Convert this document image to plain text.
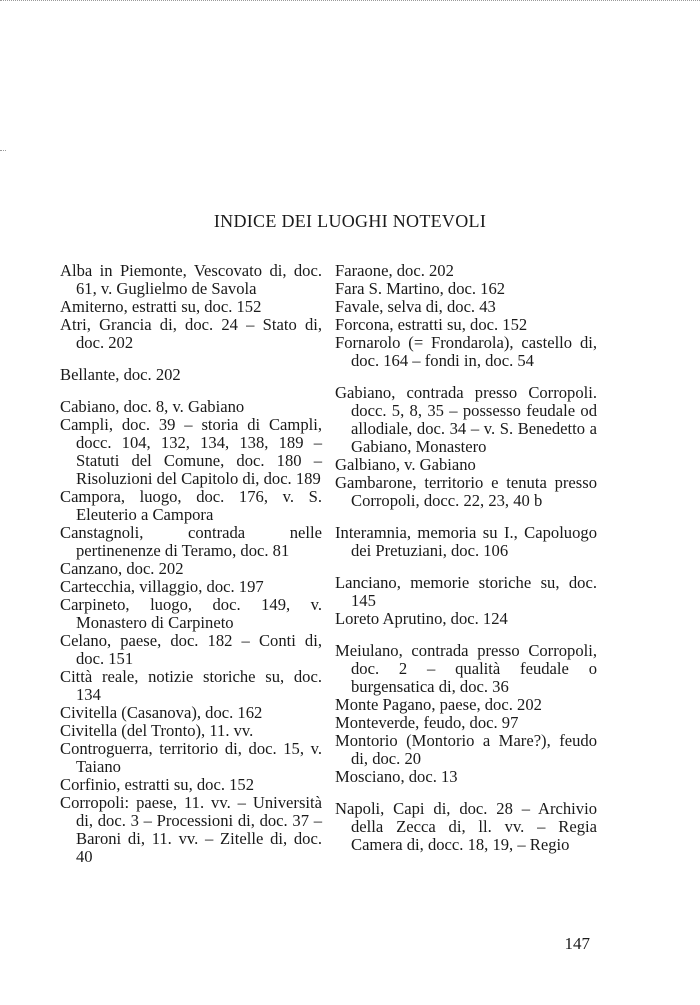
INDICE DEI LUOGHI NOTEVOLI
Alba in Piemonte, Vescovato di, doc. 61, v. Guglielmo de Savola
Amiterno, estratti su, doc. 152
Atri, Grancia di, doc. 24 – Stato di, doc. 202
Bellante, doc. 202
Cabiano, doc. 8, v. Gabiano
Campli, doc. 39 – storia di Campli, docc. 104, 132, 134, 138, 189 – Statuti del Comune, doc. 180 – Risoluzioni del Capitolo di, doc. 189
Campora, luogo, doc. 176, v. S. Eleuterio a Campora
Canstagnoli, contrada nelle pertinenenze di Teramo, doc. 81
Canzano, doc. 202
Cartecchia, villaggio, doc. 197
Carpineto, luogo, doc. 149, v. Monastero di Carpineto
Celano, paese, doc. 182 – Conti di, doc. 151
Città reale, notizie storiche su, doc. 134
Civitella (Casanova), doc. 162
Civitella (del Tronto), 11. vv.
Controguerra, territorio di, doc. 15, v. Taiano
Corfinio, estratti su, doc. 152
Corropoli: paese, 11. vv. – Università di, doc. 3 – Processioni di, doc. 37 – Baroni di, 11. vv. – Zitelle di, doc. 40
Faraone, doc. 202
Fara S. Martino, doc. 162
Favale, selva di, doc. 43
Forcona, estratti su, doc. 152
Fornarolo (= Frondarola), castello di, doc. 164 – fondi in, doc. 54
Gabiano, contrada presso Corropoli. docc. 5, 8, 35 – possesso feudale od allodiale, doc. 34 – v. S. Benedetto a Gabiano, Monastero
Galbiano, v. Gabiano
Gambarone, territorio e tenuta presso Corropoli, docc. 22, 23, 40 b
Interamnia, memoria su I., Capoluogo dei Pretuziani, doc. 106
Lanciano, memorie storiche su, doc. 145
Loreto Aprutino, doc. 124
Meiulano, contrada presso Corropoli, doc. 2 – qualità feudale o burgensatica di, doc. 36
Monte Pagano, paese, doc. 202
Monteverde, feudo, doc. 97
Montorio (Montorio a Mare?), feudo di, doc. 20
Mosciano, doc. 13
Napoli, Capi di, doc. 28 – Archivio della Zecca di, ll. vv. – Regia Camera di, docc. 18, 19, – Regio
147
